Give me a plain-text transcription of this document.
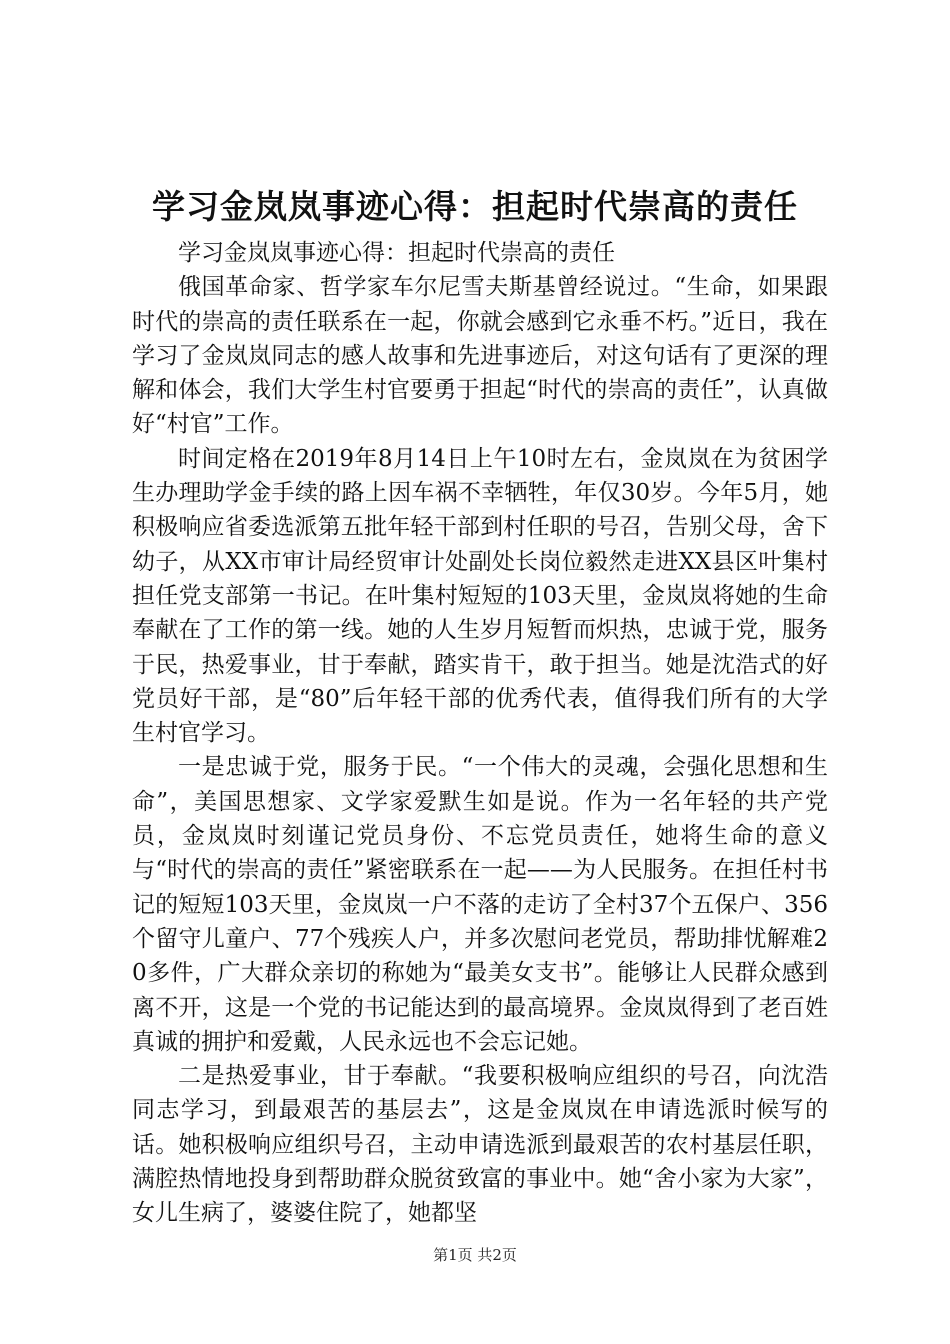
学习金岚岚事迹心得：担起时代崇高的责任

学习金岚岚事迹心得：担起时代崇高的责任

俄国革命家、哲学家车尔尼雪夫斯基曾经说过。“生命，如果跟时代的崇高的责任联系在一起，你就会感到它永垂不朽。”近日，我在学习了金岚岚同志的感人故事和先进事迹后，对这句话有了更深的理解和体会，我们大学生村官要勇于担起“时代的崇高的责任”，认真做好“村官”工作。

时间定格在2019年8月14日上午10时左右，金岚岚在为贫困学生办理助学金手续的路上因车祸不幸牺牲，年仅30岁。今年5月，她积极响应省委选派第五批年轻干部到村任职的号召，告别父母，舍下幼子，从XX市审计局经贸审计处副处长岗位毅然走进XX县区叶集村担任党支部第一书记。在叶集村短短的103天里，金岚岚将她的生命奉献在了工作的第一线。她的人生岁月短暂而炽热，忠诚于党，服务于民，热爱事业，甘于奉献，踏实肯干，敢于担当。她是沈浩式的好党员好干部，是“80”后年轻干部的优秀代表，值得我们所有的大学生村官学习。

一是忠诚于党，服务于民。“一个伟大的灵魂，会强化思想和生命”，美国思想家、文学家爱默生如是说。作为一名年轻的共产党员，金岚岚时刻谨记党员身份、不忘党员责任，她将生命的意义与“时代的崇高的责任”紧密联系在一起——为人民服务。在担任村书记的短短103天里，金岚岚一户不落的走访了全村37个五保户、356个留守儿童户、77个残疾人户，并多次慰问老党员，帮助排忧解难20多件，广大群众亲切的称她为“最美女支书”。能够让人民群众感到离不开，这是一个党的书记能达到的最高境界。金岚岚得到了老百姓真诚的拥护和爱戴，人民永远也不会忘记她。

二是热爱事业，甘于奉献。“我要积极响应组织的号召，向沈浩同志学习，到最艰苦的基层去”，这是金岚岚在申请选派时候写的话。她积极响应组织号召，主动申请选派到最艰苦的农村基层任职，满腔热情地投身到帮助群众脱贫致富的事业中。她“舍小家为大家”，女儿生病了，婆婆住院了，她都坚

第1页 共2页
